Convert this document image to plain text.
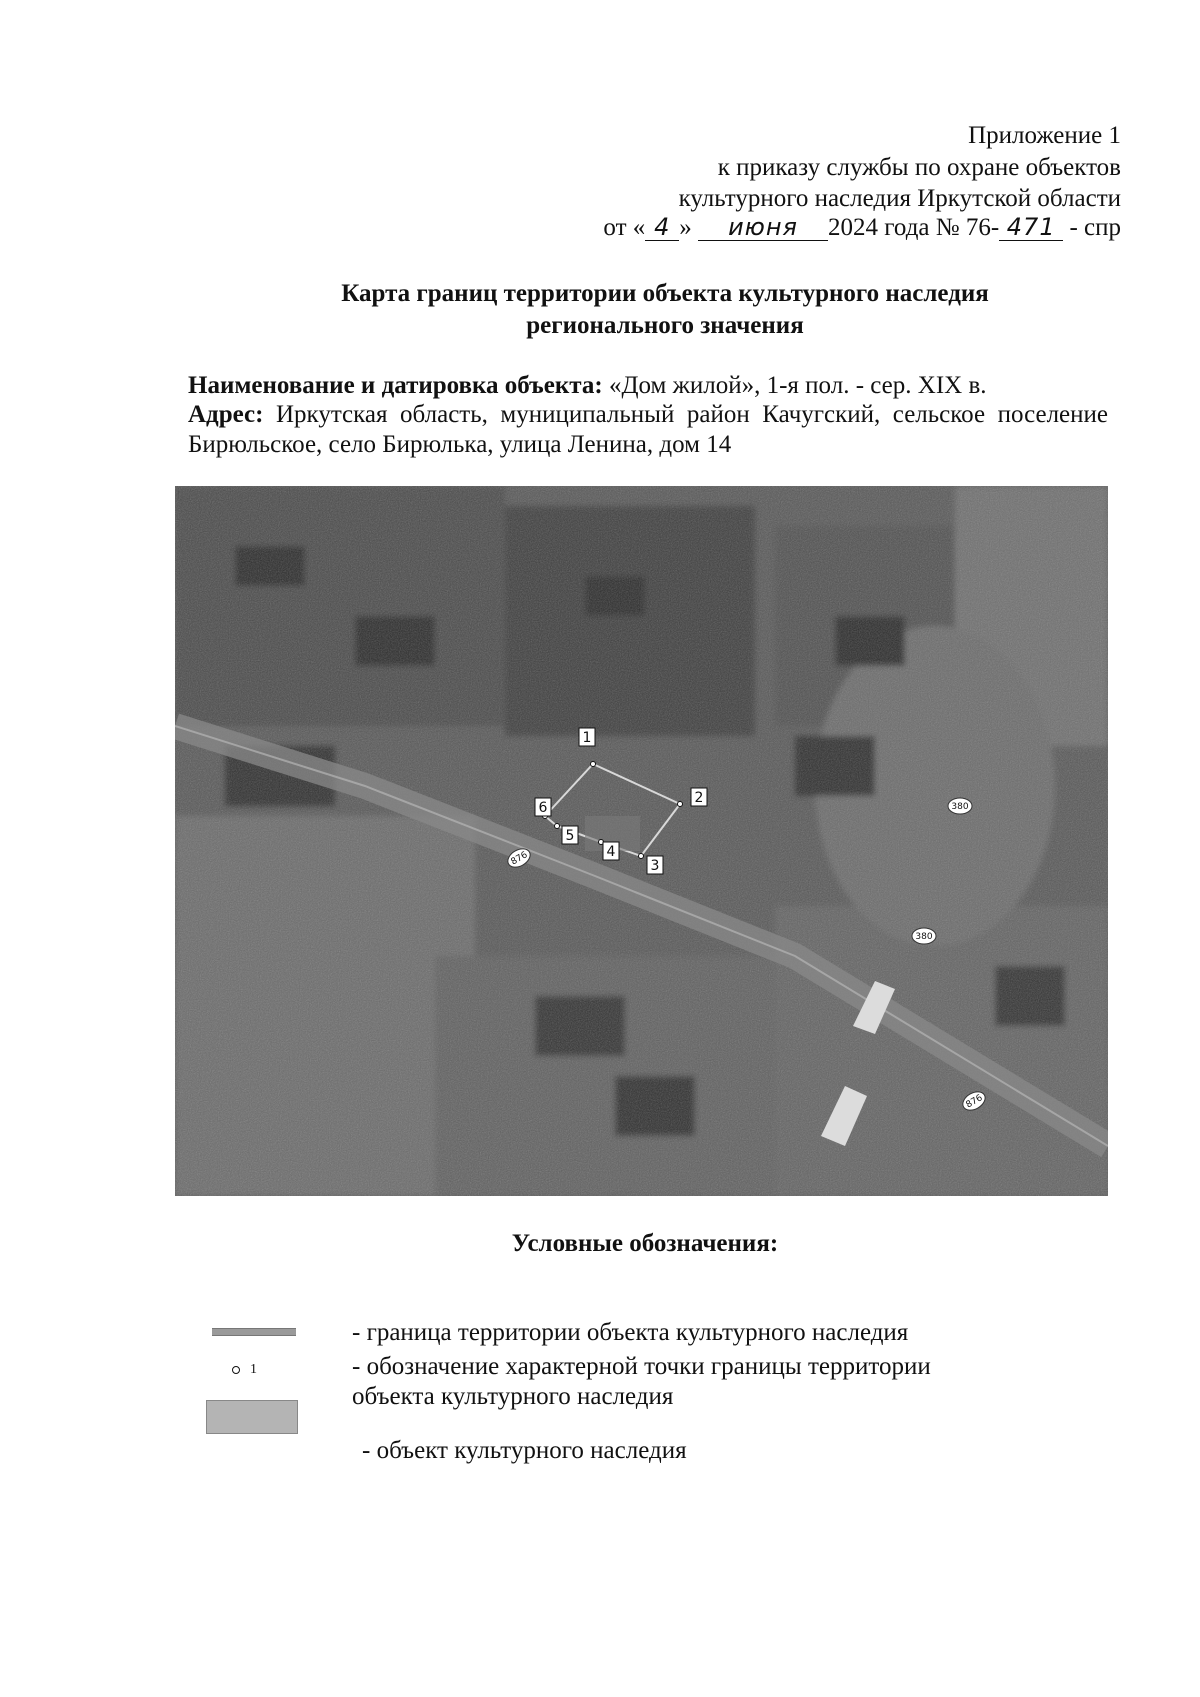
Приложение 1
к приказу службы по охране объектов
культурного наследия Иркутской области
от « 4 » июня 2024 года № 76- 471 - спр
Карта границ территории объекта культурного наследия
регионального значения
Наименование и датировка объекта: «Дом жилой», 1-я пол. - сер. XIX в.
Адрес: Иркутская область, муниципальный район Качугский, сельское поселение Бирюльское, село Бирюлька, улица Ленина, дом 14
1
2
3
4
5
6
876
380
380
876
Условные обозначения:
- граница территории объекта культурного наследия
1	- обозначение характерной точки границы территории объекта культурного наследия
- объект культурного наследия
